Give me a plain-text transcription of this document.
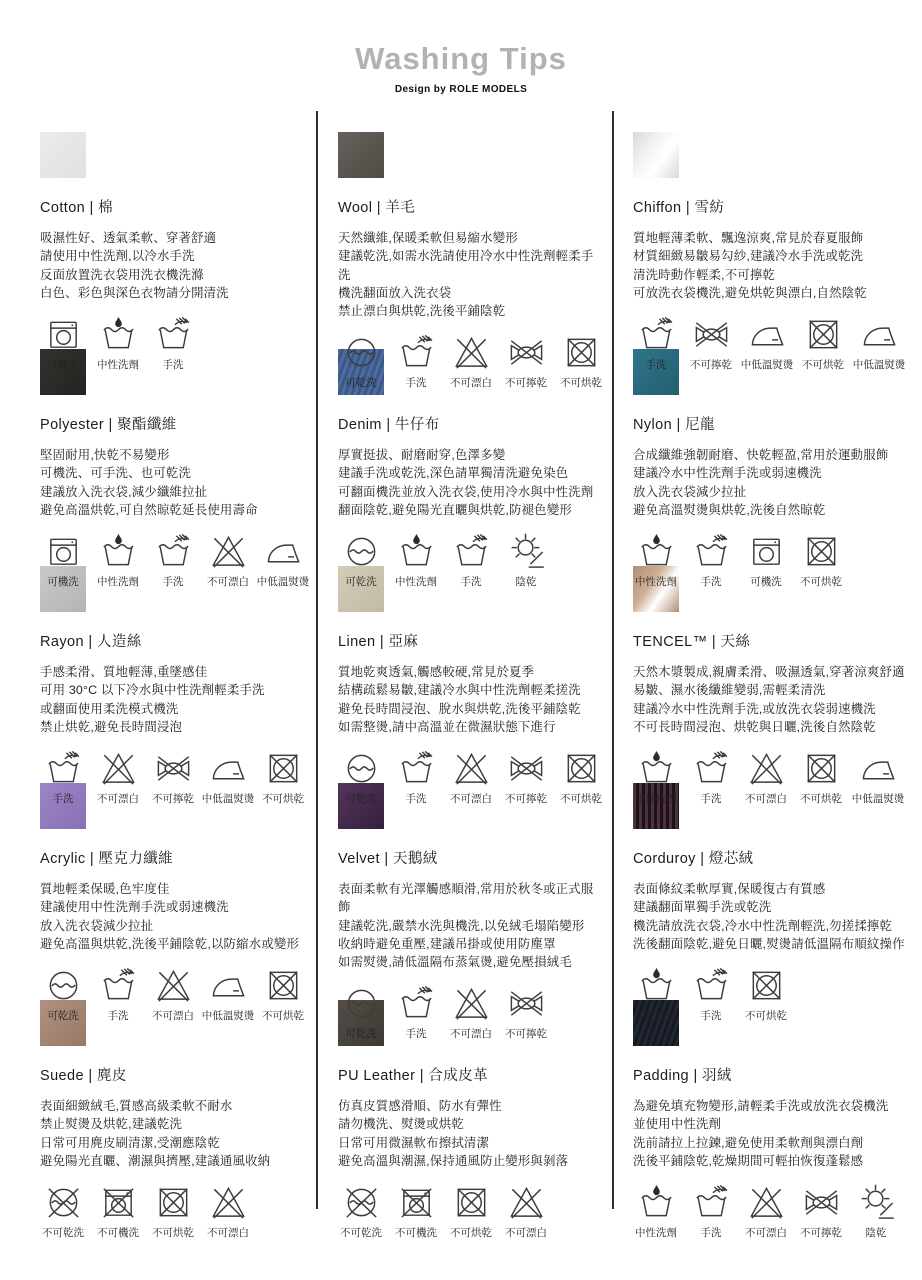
Washing Tips
Design by ROLE MODELS
Cotton | 棉
吸濕性好、透氣柔軟、穿著舒適
請使用中性洗劑,以冷水手洗
反面放置洗衣袋用洗衣機洗滌
白色、彩色與深色衣物請分開清洗
可機洗 中性洗劑 手洗
Polyester | 聚酯纖維
堅固耐用,快乾不易變形
可機洗、可手洗、也可乾洗
建議放入洗衣袋,減少纖維拉扯
避免高溫烘乾,可自然晾乾延長使用壽命
可機洗 中性洗劑 手洗 不可漂白 中低溫熨燙
Rayon | 人造絲
手感柔滑、質地輕薄,重墜感佳
可用 30°C 以下冷水與中性洗劑輕柔手洗
或翻面使用柔洗模式機洗
禁止烘乾,避免長時間浸泡
手洗 不可漂白 不可擰乾 中低溫熨燙 不可烘乾
Acrylic | 壓克力纖維
質地輕柔保暖,色牢度佳
建議使用中性洗劑手洗或弱速機洗
放入洗衣袋減少拉扯
避免高溫與烘乾,洗後平鋪陰乾,以防縮水或變形
可乾洗	手洗 不可漂白 中低溫熨燙 不可烘乾
Suede | 麂皮
表面細緻絨毛,質感高級柔軟不耐水
禁止熨燙及烘乾,建議乾洗
日常可用麂皮刷清潔,受潮應陰乾
避免陽光直曬、潮濕與擠壓,建議通風收納
不可乾洗 不可機洗 不可烘乾 不可漂白
Wool | 羊毛
天然纖維,保暖柔軟但易縮水變形
建議乾洗,如需水洗請使用冷水中性洗劑輕柔手洗
機洗翻面放入洗衣袋
禁止漂白與烘乾,洗後平鋪陰乾
可乾洗	手洗 不可漂白 不可擰乾 不可烘乾
Denim | 牛仔布
厚實挺拔、耐磨耐穿,色澤多變
建議手洗或乾洗,深色請單獨清洗避免染色
可翻面機洗並放入洗衣袋,使用冷水與中性洗劑
翻面陰乾,避免陽光直曬與烘乾,防褪色變形
可乾洗 中性洗劑 手洗	陰乾
Linen | 亞麻
質地乾爽透氣,觸感較硬,常見於夏季
結構疏鬆易皺,建議冷水與中性洗劑輕柔搓洗
避免長時間浸泡、脫水與烘乾,洗後平鋪陰乾
如需整燙,請中高溫並在微濕狀態下進行
可乾洗	手洗 不可漂白 不可擰乾 不可烘乾
Velvet | 天鵝絨
表面柔軟有光澤觸感順滑,常用於秋冬或正式服飾
建議乾洗,嚴禁水洗與機洗,以免絨毛塌陷變形
收納時避免重壓,建議吊掛或使用防塵罩
如需熨燙,請低溫隔布蒸氣燙,避免壓損絨毛
可乾洗	手洗 不可漂白 不可擰乾
PU Leather | 合成皮革
仿真皮質感滑順、防水有彈性
請勿機洗、熨燙或烘乾
日常可用微濕軟布擦拭清潔
避免高溫與潮濕,保持通風防止變形與剝落
不可乾洗 不可機洗 不可烘乾 不可漂白
Chiffon | 雪紡
質地輕薄柔軟、飄逸涼爽,常見於春夏服飾
材質細緻易皺易勾紗,建議冷水手洗或乾洗
清洗時動作輕柔,不可擰乾
可放洗衣袋機洗,避免烘乾與漂白,自然陰乾
手洗 不可擰乾 中低溫熨燙 不可烘乾 中低溫熨燙
Nylon | 尼龍
合成纖維強韌耐磨、快乾輕盈,常用於運動服飾
建議冷水中性洗劑手洗或弱速機洗
放入洗衣袋減少拉扯
避免高溫熨燙與烘乾,洗後自然晾乾
中性洗劑 手洗	可機洗 不可烘乾
TENCEL™ | 天絲
天然木漿製成,親膚柔滑、吸濕透氣,穿著涼爽舒適
易皺、濕水後纖維變弱,需輕柔清洗
建議冷水中性洗劑手洗,或放洗衣袋弱速機洗
不可長時間浸泡、烘乾與日曬,洗後自然陰乾
中性洗劑 手洗 不可漂白 不可烘乾 中低溫熨燙
Corduroy | 燈芯絨
表面條紋柔軟厚實,保暖復古有質感
建議翻面單獨手洗或乾洗
機洗請放洗衣袋,冷水中性洗劑輕洗,勿搓揉擰乾
洗後翻面陰乾,避免日曬,熨燙請低溫隔布順紋操作
中性洗劑 手洗 不可烘乾
Padding | 羽絨
為避免填充物變形,請輕柔手洗或放洗衣袋機洗
並使用中性洗劑
洗前請拉上拉鍊,避免使用柔軟劑與漂白劑
洗後平鋪陰乾,乾燥期間可輕拍恢復蓬鬆感
中性洗劑 手洗 不可漂白 不可擰乾 陰乾
